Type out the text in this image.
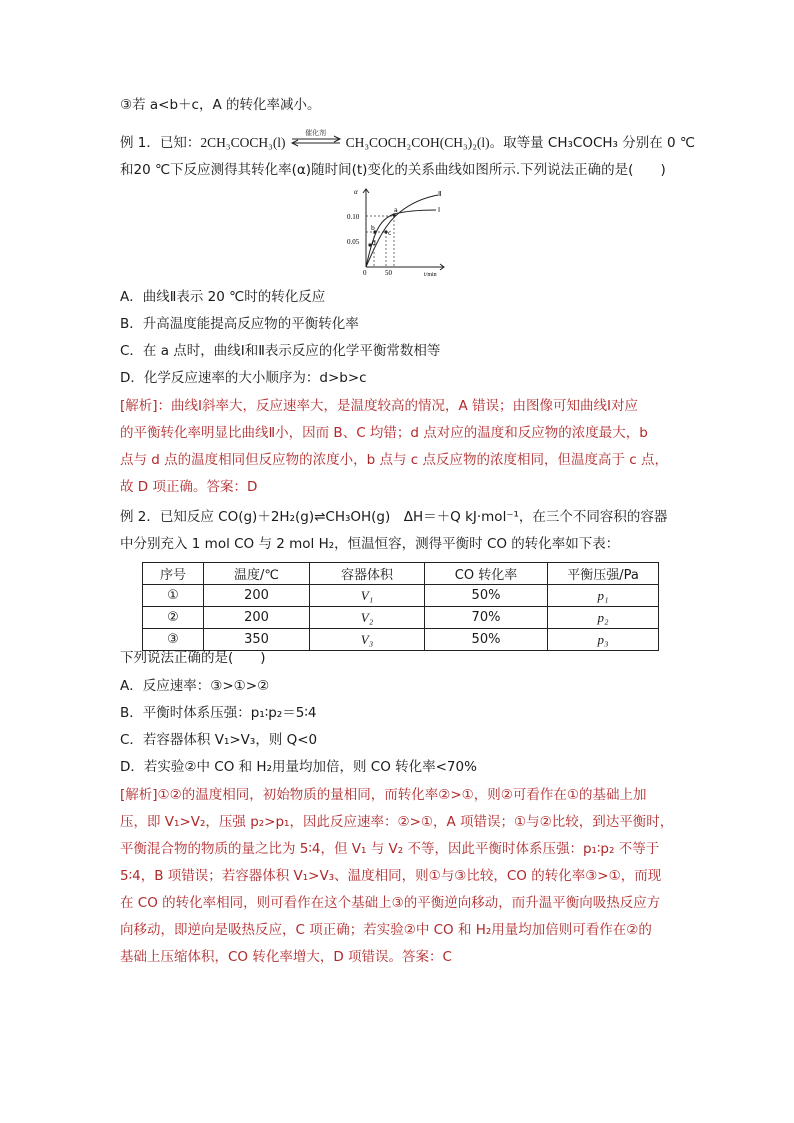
③若 a<b＋c，A 的转化率减小。
例 1．已知：2CH₃COCH₃(l)
催化剂
CH₃COCH₂COH(CH₃)₂(l)。取等量 CH₃COCH₃ 分别在 0 ℃
和20 ℃下反应测得其转化率(α)随时间(t)变化的关系曲线如图所示.下列说法正确的是(　　)
α
t/min
0.10
0.05
0	50
Ⅰ
Ⅱ
a
b
c
d
A．曲线Ⅱ表示 20 ℃时的转化反应
B．升高温度能提高反应物的平衡转化率
C．在 a 点时，曲线Ⅰ和Ⅱ表示反应的化学平衡常数相等
D．化学反应速率的大小顺序为：d>b>c
[解析]：曲线Ⅰ斜率大，反应速率大，是温度较高的情况，A 错误；由图像可知曲线Ⅰ对应
的平衡转化率明显比曲线Ⅱ小，因而 B、C 均错；d 点对应的温度和反应物的浓度最大，b
点与 d 点的温度相同但反应物的浓度小，b 点与 c 点反应物的浓度相同，但温度高于 c 点，
故 D 项正确。答案：D
例 2．已知反应 CO(g)＋2H₂(g)⇌CH₃OH(g)　ΔH＝＋Q kJ·mol⁻¹，在三个不同容积的容器
中分别充入 1 mol CO 与 2 mol H₂，恒温恒容，测得平衡时 CO 的转化率如下表：
序号	温度/℃	容器体积	CO 转化率	平衡压强/Pa
①	200	V₁	50%	p₁
②	200	V₂	70%	p₂
③	350	V₃	50%	p₃
下列说法正确的是(　　)
A．反应速率：③>①>②
B．平衡时体系压强：p₁∶p₂＝5∶4
C．若容器体积 V₁>V₃，则 Q<0
D．若实验②中 CO 和 H₂用量均加倍，则 CO 转化率<70%
[解析]①②的温度相同，初始物质的量相同，而转化率②>①，则②可看作在①的基础上加
压，即 V₁>V₂，压强 p₂>p₁，因此反应速率：②>①，A 项错误；①与②比较，到达平衡时，
平衡混合物的物质的量之比为 5∶4，但 V₁ 与 V₂ 不等，因此平衡时体系压强：p₁∶p₂ 不等于
5∶4，B 项错误；若容器体积 V₁>V₃、温度相同，则①与③比较，CO 的转化率③>①，而现
在 CO 的转化率相同，则可看作在这个基础上③的平衡逆向移动，而升温平衡向吸热反应方
向移动，即逆向是吸热反应，C 项正确；若实验②中 CO 和 H₂用量均加倍则可看作在②的
基础上压缩体积，CO 转化率增大，D 项错误。答案：C
